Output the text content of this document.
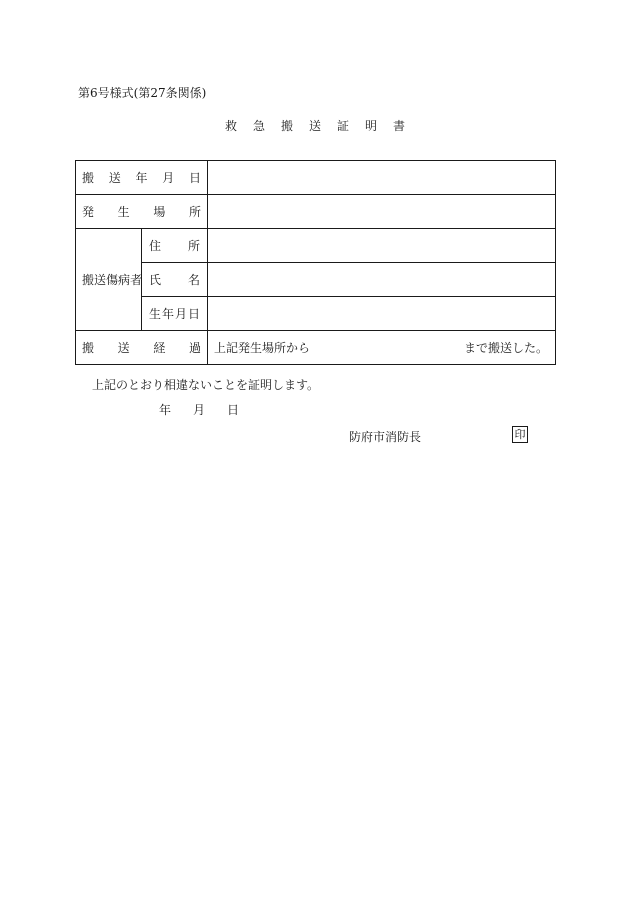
第6号様式(第27条関係)
救 急 搬 送 証 明 書
搬 送 年 月 日		

発 生 場 所		

搬 送 傷 病 者	住 所	

	氏 名	

	生 年 月 日	

搬 送 経 過		上記発生場所から まで搬送した。
上記のとおり相違ないことを証明します。
年 月 日
防府市消防長	印
